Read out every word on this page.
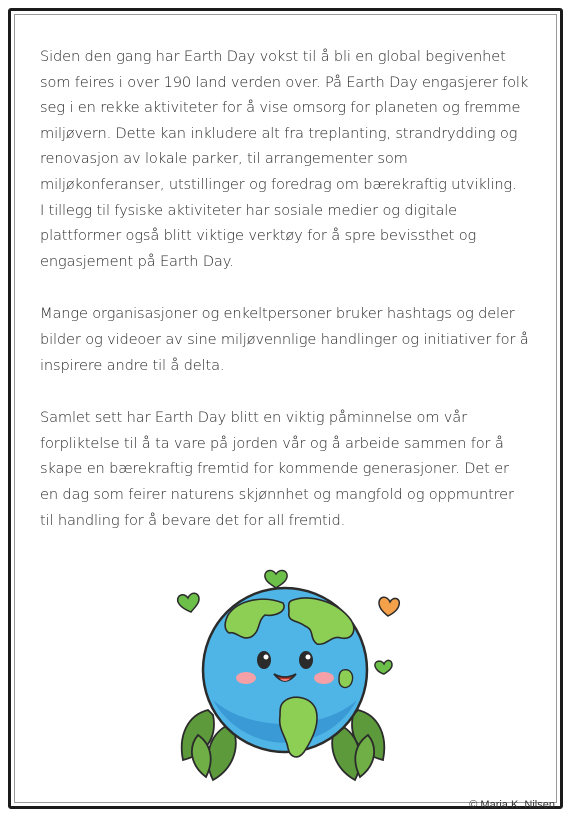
Siden den gang har Earth Day vokst til å bli en global begivenhet
som feires i over 190 land verden over. På Earth Day engasjerer folk
seg i en rekke aktiviteter for å vise omsorg for planeten og fremme
miljøvern. Dette kan inkludere alt fra treplanting, strandrydding og
renovasjon av lokale parker, til arrangementer som
miljøkonferanser, utstillinger og foredrag om bærekraftig utvikling.
I tillegg til fysiske aktiviteter har sosiale medier og digitale
plattformer også blitt viktige verktøy for å spre bevissthet og
engasjement på Earth Day.

Mange organisasjoner og enkeltpersoner bruker hashtags og deler
bilder og videoer av sine miljøvennlige handlinger og initiativer for å
inspirere andre til å delta.

Samlet sett har Earth Day blitt en viktig påminnelse om vår
forpliktelse til å ta vare på jorden vår og å arbeide sammen for å
skape en bærekraftig fremtid for kommende generasjoner. Det er
en dag som feirer naturens skjønnhet og mangfold og oppmuntrer
til handling for å bevare det for all fremtid.

© Maria K. Nilsen
